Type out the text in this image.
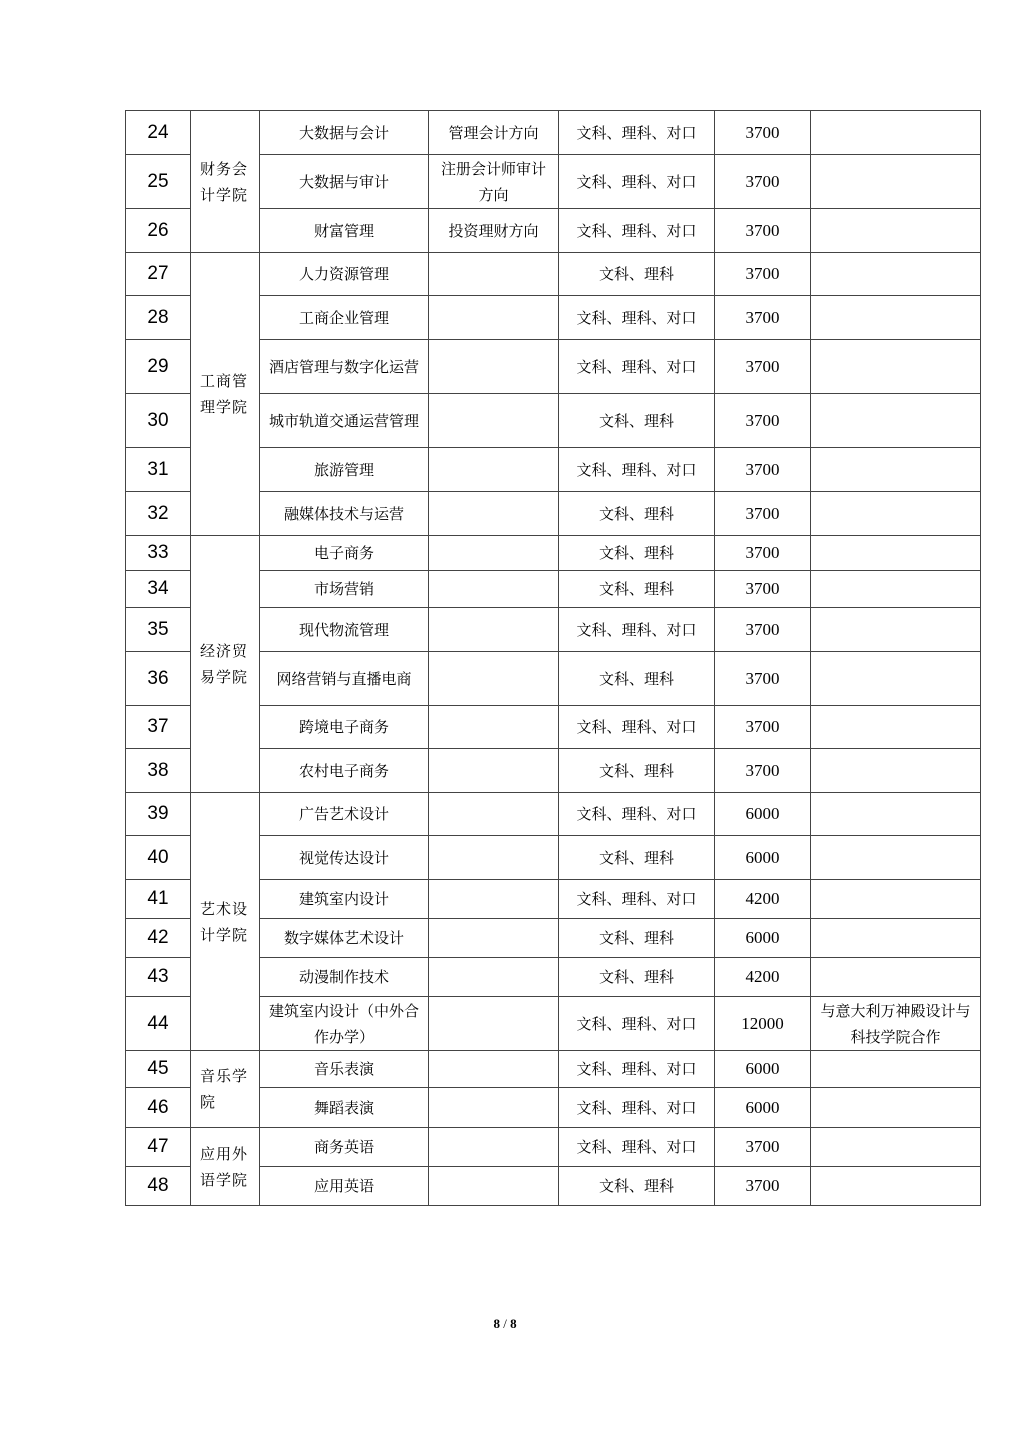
24	财务会计学院	大数据与会计	管理会计方向	文科、理科、对口	3700	
25		大数据与审计	注册会计师审计方向	文科、理科、对口	3700	
26		财富管理	投资理财方向	文科、理科、对口	3700	
27	工商管理学院	人力资源管理		文科、理科	3700	
28		工商企业管理		文科、理科、对口	3700	
29		酒店管理与数字化运营		文科、理科、对口	3700	
30		城市轨道交通运营管理		文科、理科	3700	
31		旅游管理		文科、理科、对口	3700	
32		融媒体技术与运营		文科、理科	3700	
33	经济贸易学院	电子商务		文科、理科	3700	
34		市场营销		文科、理科	3700	
35		现代物流管理		文科、理科、对口	3700	
36		网络营销与直播电商		文科、理科	3700	
37		跨境电子商务		文科、理科、对口	3700	
38		农村电子商务		文科、理科	3700	
39	艺术设计学院	广告艺术设计		文科、理科、对口	6000	
40		视觉传达设计		文科、理科	6000	
41		建筑室内设计		文科、理科、对口	4200	
42		数字媒体艺术设计		文科、理科	6000	
43		动漫制作技术		文科、理科	4200	
44		建筑室内设计（中外合作办学）		文科、理科、对口	12000	与意大利万神殿设计与科技学院合作
45	音乐学院	音乐表演		文科、理科、对口	6000	
46		舞蹈表演		文科、理科、对口	6000	
47	应用外语学院	商务英语		文科、理科、对口	3700	
48		应用英语		文科、理科	3700	
8 / 8
